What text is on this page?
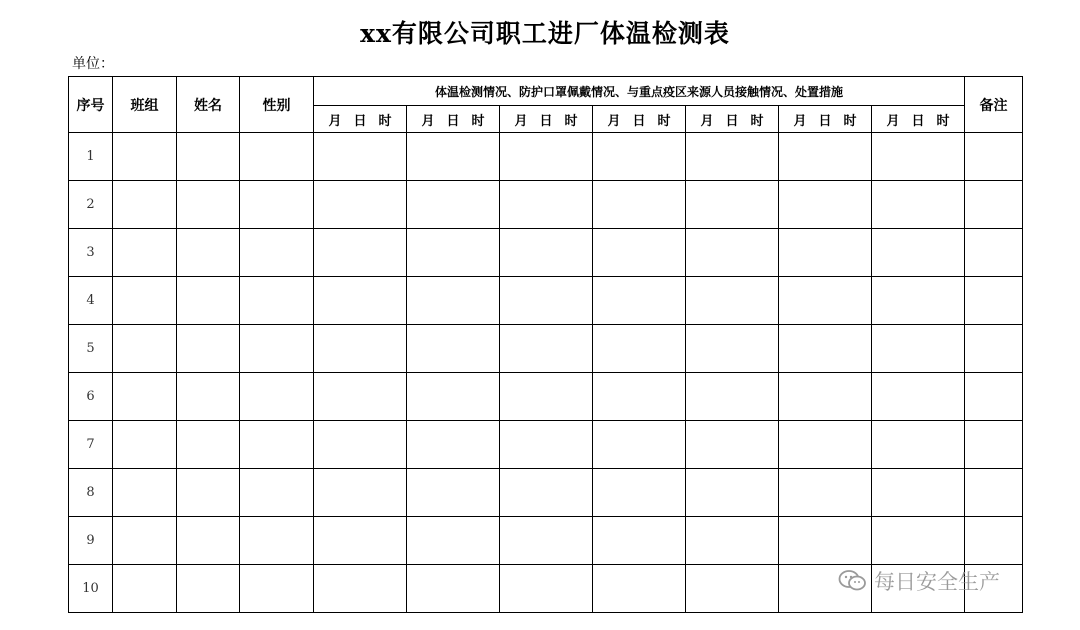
xx有限公司职工进厂体温检测表
单位：
序号	班组	姓名	性别	体温检测情况、防护口罩佩戴情况、与重点疫区来源人员接触情况、处置措施							备注
				月 日 时	月 日 时	月 日 时	月 日 时	月 日 时	月 日 时	月 日 时	
1											
2											
3											
4											
5											
6											
7											
8											
9											
10												每日安全生产
